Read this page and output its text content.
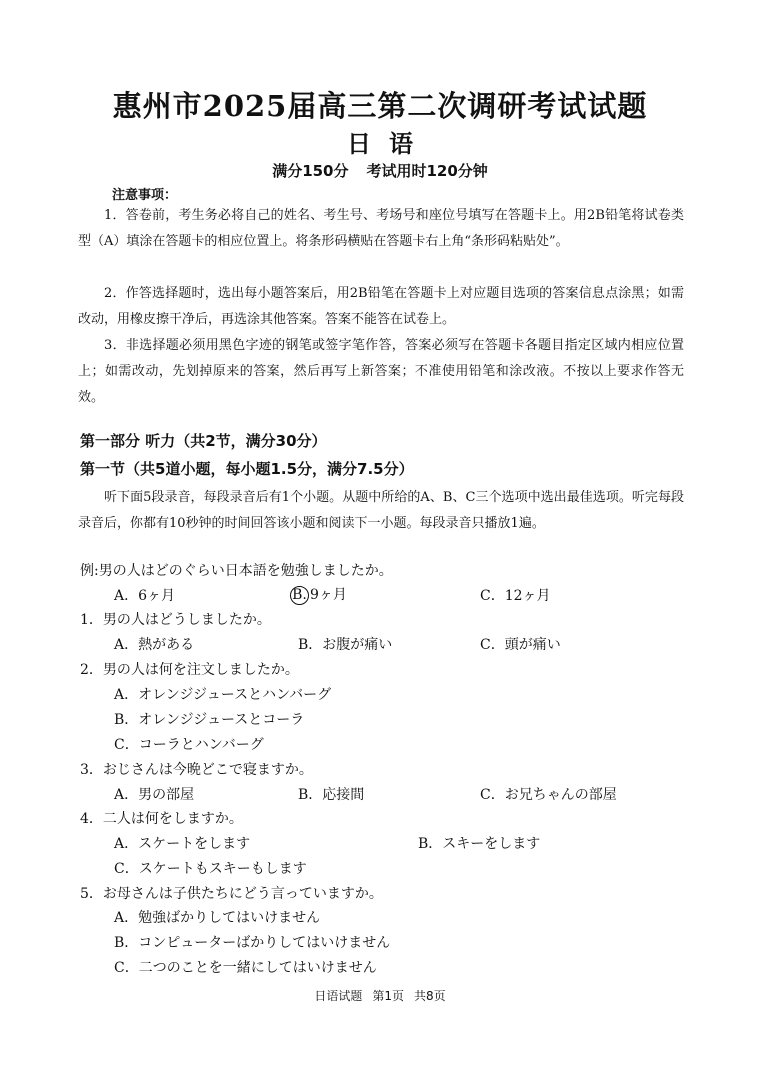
惠州市2025届高三第二次调研考试试题
日语
满分150分 考试用时120分钟
注意事项：
1．答卷前，考生务必将自己的姓名、考生号、考场号和座位号填写在答题卡上。用2B铅笔将试卷类型（A）填涂在答题卡的相应位置上。将条形码横贴在答题卡右上角“条形码粘贴处”。
2．作答选择题时，选出每小题答案后，用2B铅笔在答题卡上对应题目选项的答案信息点涂黑；如需改动，用橡皮擦干净后，再选涂其他答案。答案不能答在试卷上。
3．非选择题必须用黑色字迹的钢笔或签字笔作答，答案必须写在答题卡各题目指定区域内相应位置上；如需改动，先划掉原来的答案，然后再写上新答案；不准使用铅笔和涂改液。不按以上要求作答无效。
第一部分 听力（共2节，满分30分）
第一节（共5道小题，每小题1.5分，满分7.5分）
听下面5段录音，每段录音后有1个小题。从题中所给的A、B、C三个选项中选出最佳选项。听完每段录音后，你都有10秒钟的时间回答该小题和阅读下一小题。每段录音只播放1遍。
例:男の人はどのぐらい日本語を勉強しましたか。
A．6ヶ月	B. 9ヶ月	C．12ヶ月
1．男の人はどうしましたか。
A．熱がある	B．お腹が痛い	C．頭が痛い
2．男の人は何を注文しましたか。
A．オレンジジュースとハンバーグ
B．オレンジジュースとコーラ
C．コーラとハンバーグ
3．おじさんは今晩どこで寝ますか。
A．男の部屋	B．応接間	C．お兄ちゃんの部屋
4．二人は何をしますか。
A．スケートをします	B．スキーをします
C．スケートもスキーもします
5．お母さんは子供たちにどう言っていますか。
A．勉強ばかりしてはいけません
B．コンピューターばかりしてはいけません
C．二つのことを一緒にしてはいけません
日语试题 第1页 共8页
